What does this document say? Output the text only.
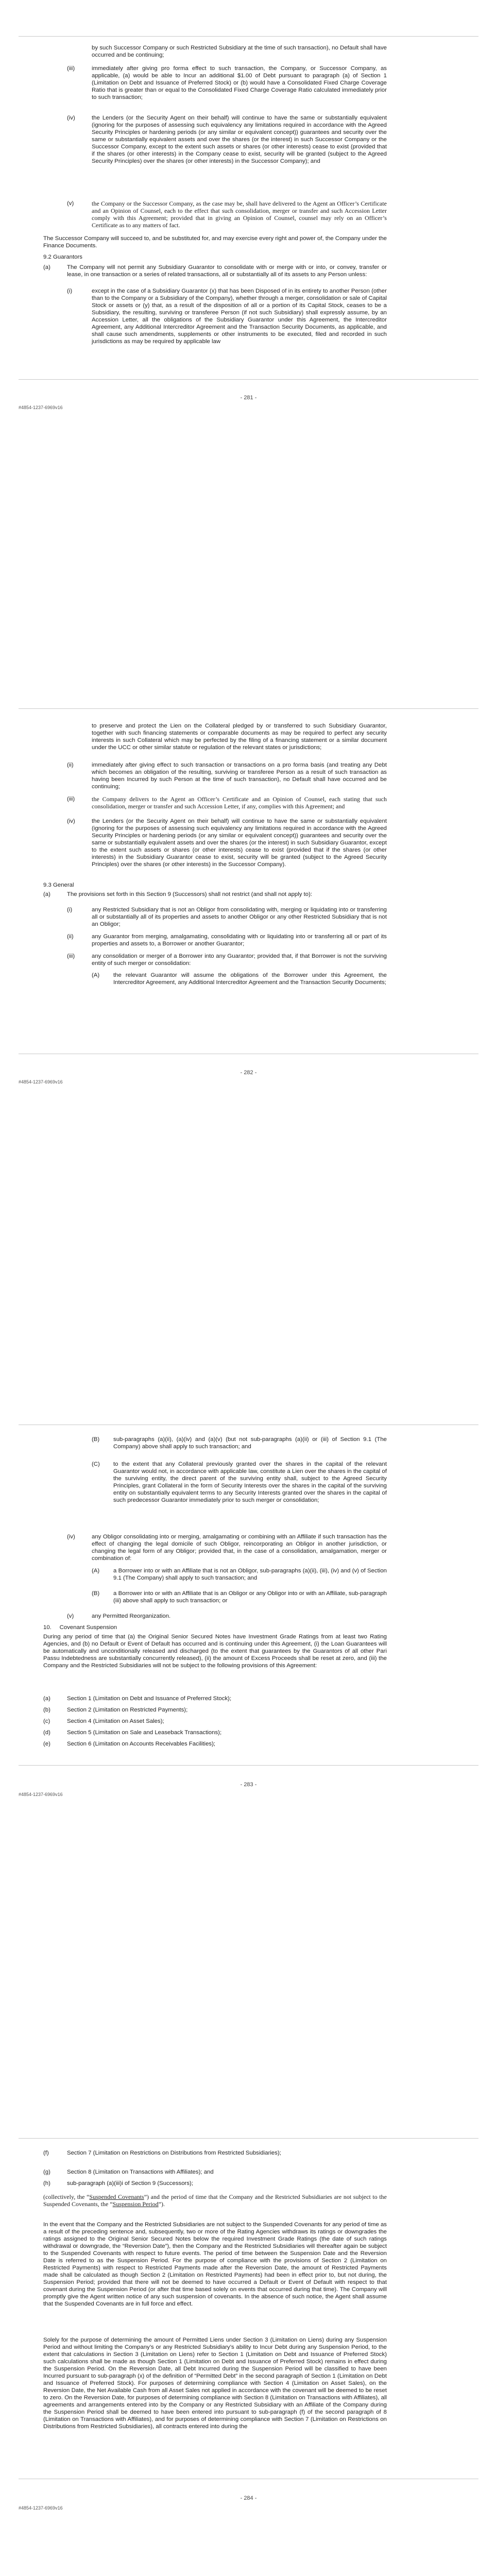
by such Successor Company or such Restricted Subsidiary at the time of such transaction), no Default shall have occurred and be continuing;
(iii)	immediately after giving pro forma effect to such transaction, the Company, or Successor Company, as applicable, (a) would be able to Incur an additional $1.00 of Debt pursuant to paragraph (a) of Section 1 (Limitation on Debt and Issuance of Preferred Stock) or (b) would have a Consolidated Fixed Charge Coverage Ratio that is greater than or equal to the Consolidated Fixed Charge Coverage Ratio calculated immediately prior to such transaction;
(iv)	the Lenders (or the Security Agent on their behalf) will continue to have the same or substantially equivalent (ignoring for the purposes of assessing such equivalency any limitations required in accordance with the Agreed Security Principles or hardening periods (or any similar or equivalent concept)) guarantees and security over the same or substantially equivalent assets and over the shares (or the interest) in such Successor Company or the Successor Company, except to the extent such assets or shares (or other interests) cease to exist (provided that if the shares (or other interests) in the Company cease to exist, security will be granted (subject to the Agreed Security Principles) over the shares (or other interests) in the Successor Company); and
(v)	the Company or the Successor Company, as the case may be, shall have delivered to the Agent an Officer’s Certificate and an Opinion of Counsel, each to the effect that such consolidation, merger or transfer and such Accession Letter comply with this Agreement; provided that in giving an Opinion of Counsel, counsel may rely on an Officer’s Certificate as to any matters of fact.
The Successor Company will succeed to, and be substituted for, and may exercise every right and power of, the Company under the Finance Documents.
9.2 Guarantors
(a)	The Company will not permit any Subsidiary Guarantor to consolidate with or merge with or into, or convey, transfer or lease, in one transaction or a series of related transactions, all or substantially all of its assets to any Person unless:
(i)	except in the case of a Subsidiary Guarantor (x) that has been Disposed of in its entirety to another Person (other than to the Company or a Subsidiary of the Company), whether through a merger, consolidation or sale of Capital Stock or assets or (y) that, as a result of the disposition of all or a portion of its Capital Stock, ceases to be a Subsidiary, the resulting, surviving or transferee Person (if not such Subsidiary) shall expressly assume, by an Accession Letter, all the obligations of the Subsidiary Guarantor under this Agreement, the Intercreditor Agreement, any Additional Intercreditor Agreement and the Transaction Security Documents, as applicable, and shall cause such amendments, supplements or other instruments to be executed, filed and recorded in such jurisdictions as may be required by applicable law
- 281 -
#4854-1237-6969v16
to preserve and protect the Lien on the Collateral pledged by or transferred to such Subsidiary Guarantor, together with such financing statements or comparable documents as may be required to perfect any security interests in such Collateral which may be perfected by the filing of a financing statement or a similar document under the UCC or other similar statute or regulation of the relevant states or jurisdictions;
(ii)	immediately after giving effect to such transaction or transactions on a pro forma basis (and treating any Debt which becomes an obligation of the resulting, surviving or transferee Person as a result of such transaction as having been Incurred by such Person at the time of such transaction), no Default shall have occurred and be continuing;
(iii)	the Company delivers to the Agent an Officer’s Certificate and an Opinion of Counsel, each stating that such consolidation, merger or transfer and such Accession Letter, if any, complies with this Agreement; and
(iv)	the Lenders (or the Security Agent on their behalf) will continue to have the same or substantially equivalent (ignoring for the purposes of assessing such equivalency any limitations required in accordance with the Agreed Security Principles or hardening periods (or any similar or equivalent concept)) guarantees and security over the same or substantially equivalent assets and over the shares (or the interest) in such Subsidiary Guarantor, except to the extent such assets or shares (or other interests) cease to exist (provided that if the shares (or other interests) in the Subsidiary Guarantor cease to exist, security will be granted (subject to the Agreed Security Principles) over the shares (or other interests) in the Successor Company).
9.3 General
(a)	The provisions set forth in this Section 9 (Successors) shall not restrict (and shall not apply to):
(i)	any Restricted Subsidiary that is not an Obligor from consolidating with, merging or liquidating into or transferring all or substantially all of its properties and assets to another Obligor or any other Restricted Subsidiary that is not an Obligor;
(ii)	any Guarantor from merging, amalgamating, consolidating with or liquidating into or transferring all or part of its properties and assets to, a Borrower or another Guarantor;
(iii)	any consolidation or merger of a Borrower into any Guarantor; provided that, if that Borrower is not the surviving entity of such merger or consolidation:
(A) the relevant Guarantor will assume the obligations of the Borrower under this Agreement, the Intercreditor Agreement, any Additional Intercreditor Agreement and the Transaction Security Documents;
- 282 -
#4854-1237-6969v16
(B) sub-paragraphs (a)(ii), (a)(iv) and (a)(v) (but not sub-paragraphs (a)(ii) or (iii) of Section 9.1 (The Company) above shall apply to such transaction; and
(C) to the extent that any Collateral previously granted over the shares in the capital of the relevant Guarantor would not, in accordance with applicable law, constitute a Lien over the shares in the capital of the surviving entity, the direct parent of the surviving entity shall, subject to the Agreed Security Principles, grant Collateral in the form of Security Interests over the shares in the capital of the surviving entity on substantially equivalent terms to any Security Interests granted over the shares in the capital of such predecessor Guarantor immediately prior to such merger or consolidation;
(iv)	any Obligor consolidating into or merging, amalgamating or combining with an Affiliate if such transaction has the effect of changing the legal domicile of such Obligor, reincorporating an Obligor in another jurisdiction, or changing the legal form of any Obligor; provided that, in the case of a consolidation, amalgamation, merger or combination of:
(A) a Borrower into or with an Affiliate that is not an Obligor, sub-paragraphs (a)(ii), (iii), (iv) and (v) of Section 9.1 (The Company) shall apply to such transaction; and
(B) a Borrower into or with an Affiliate that is an Obligor or any Obligor into or with an Affiliate, sub-paragraph (iii) above shall apply to such transaction; or
(v)	any Permitted Reorganization.
10.     Covenant Suspension
During any period of time that (a) the Original Senior Secured Notes have Investment Grade Ratings from at least two Rating Agencies, and (b) no Default or Event of Default has occurred and is continuing under this Agreement, (i) the Loan Guarantees will be automatically and unconditionally released and discharged (to the extent that guarantees by the Guarantors of all other Pari Passu Indebtedness are substantially concurrently released), (ii) the amount of Excess Proceeds shall be reset at zero, and (iii) the Company and the Restricted Subsidiaries will not be subject to the following provisions of this Agreement:
(a)	Section 1 (Limitation on Debt and Issuance of Preferred Stock);
(b)	Section 2 (Limitation on Restricted Payments);
(c)	Section 4 (Limitation on Asset Sales);
(d)	Section 5 (Limitation on Sale and Leaseback Transactions);
(e)	Section 6 (Limitation on Accounts Receivables Facilities);
- 283 -
#4854-1237-6969v16
(f)	Section 7 (Limitation on Restrictions on Distributions from Restricted Subsidiaries);
(g)	Section 8 (Limitation on Transactions with Affiliates); and
(h)	sub-paragraph (a)(iii)i of Section 9 (Successors);
(collectively, the “Suspended Covenants”) and the period of time that the Company and the Restricted Subsidiaries are not subject to the Suspended Covenants, the “Suspension Period”).
In the event that the Company and the Restricted Subsidiaries are not subject to the Suspended Covenants for any period of time as a result of the preceding sentence and, subsequently, two or more of the Rating Agencies withdraws its ratings or downgrades the ratings assigned to the Original Senior Secured Notes below the required Investment Grade Ratings (the date of such ratings withdrawal or downgrade, the “Reversion Date”), then the Company and the Restricted Subsidiaries will thereafter again be subject to the Suspended Covenants with respect to future events. The period of time between the Suspension Date and the Reversion Date is referred to as the Suspension Period. For the purpose of compliance with the provisions of Section 2 (Limitation on Restricted Payments) with respect to Restricted Payments made after the Reversion Date, the amount of Restricted Payments made shall be calculated as though Section 2 (Limitation on Restricted Payments) had been in effect prior to, but not during, the Suspension Period; provided that there will not be deemed to have occurred a Default or Event of Default with respect to that covenant during the Suspension Period (or after that time based solely on events that occurred during that time). The Company will promptly give the Agent written notice of any such suspension of covenants. In the absence of such notice, the Agent shall assume that the Suspended Covenants are in full force and effect.
Solely for the purpose of determining the amount of Permitted Liens under Section 3 (Limitation on Liens) during any Suspension Period and without limiting the Company’s or any Restricted Subsidiary’s ability to Incur Debt during any Suspension Period, to the extent that calculations in Section 3 (Limitation on Liens) refer to Section 1 (Limitation on Debt and Issuance of Preferred Stock) such calculations shall be made as though Section 1 (Limitation on Debt and Issuance of Preferred Stock) remains in effect during the Suspension Period. On the Reversion Date, all Debt Incurred during the Suspension Period will be classified to have been Incurred pursuant to sub-paragraph (x) of the definition of “Permitted Debt” in the second paragraph of Section 1 (Limitation on Debt and Issuance of Preferred Stock). For purposes of determining compliance with Section 4 (Limitation on Asset Sales), on the Reversion Date, the Net Available Cash from all Asset Sales not applied in accordance with the covenant will be deemed to be reset to zero. On the Reversion Date, for purposes of determining compliance with Section 8 (Limitation on Transactions with Affiliates), all agreements and arrangements entered into by the Company or any Restricted Subsidiary with an Affiliate of the Company during the Suspension Period shall be deemed to have been entered into pursuant to sub-paragraph (f) of the second paragraph of 8 (Limitation on Transactions with Affiliates), and for purposes of determining compliance with Section 7 (Limitation on Restrictions on Distributions from Restricted Subsidiaries), all contracts entered into during the
- 284 -
#4854-1237-6969v16
